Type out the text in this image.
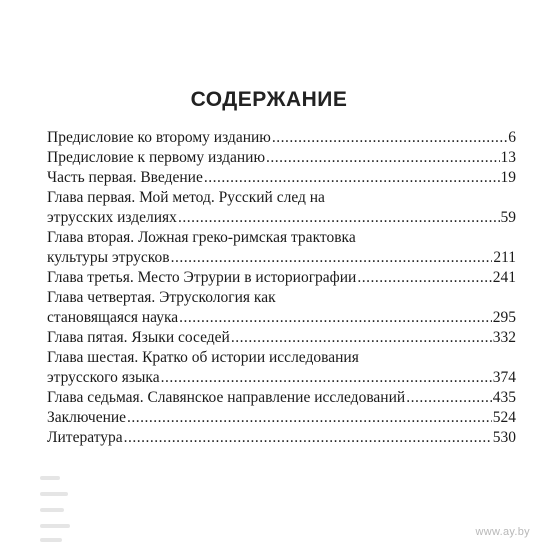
СОДЕРЖАНИЕ
Предисловие ко второму изданию .....	6
Предисловие к первому изданию .....	13
Часть первая. Введение .....	19
Глава первая. Мой метод. Русский след на
этрусских изделиях .....	59
Глава вторая. Ложная греко-римская трактовка
культуры этрусков .....	211
Глава третья. Место Этрурии в историографии .....	241
Глава четвертая. Этрускология как
становящаяся наука .....	295
Глава пятая. Языки соседей .....	332
Глава шестая. Кратко об истории исследования
этрусского языка .....	374
Глава седьмая. Славянское направление исследований .....	435
Заключение .....	524
Литература .....	530
www.ay.by
